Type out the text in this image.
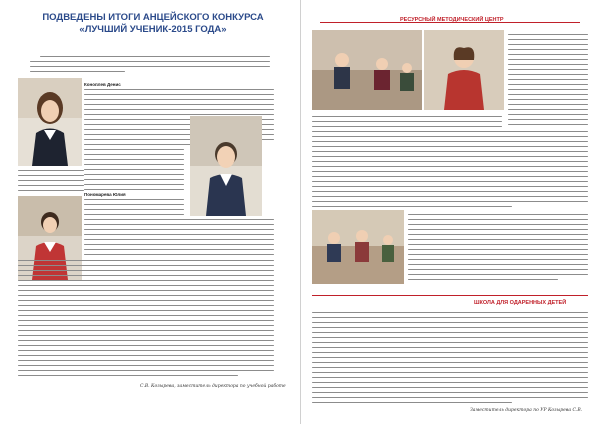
ПОДВЕДЕНЫ ИТОГИ АНЦЕЙСКОГО КОНКУРСА
«ЛУЧШИЙ УЧЕНИК-2015 ГОДА»
Коноплев Денис
Пономарева Юлия
С.В. Козырева, заместитель директора по учебной работе
РЕСУРСНЫЙ МЕТОДИЧЕСКИЙ ЦЕНТР
ШКОЛА ДЛЯ ОДАРЕННЫХ ДЕТЕЙ
Заместитель директора по УР Козырева С.В.
